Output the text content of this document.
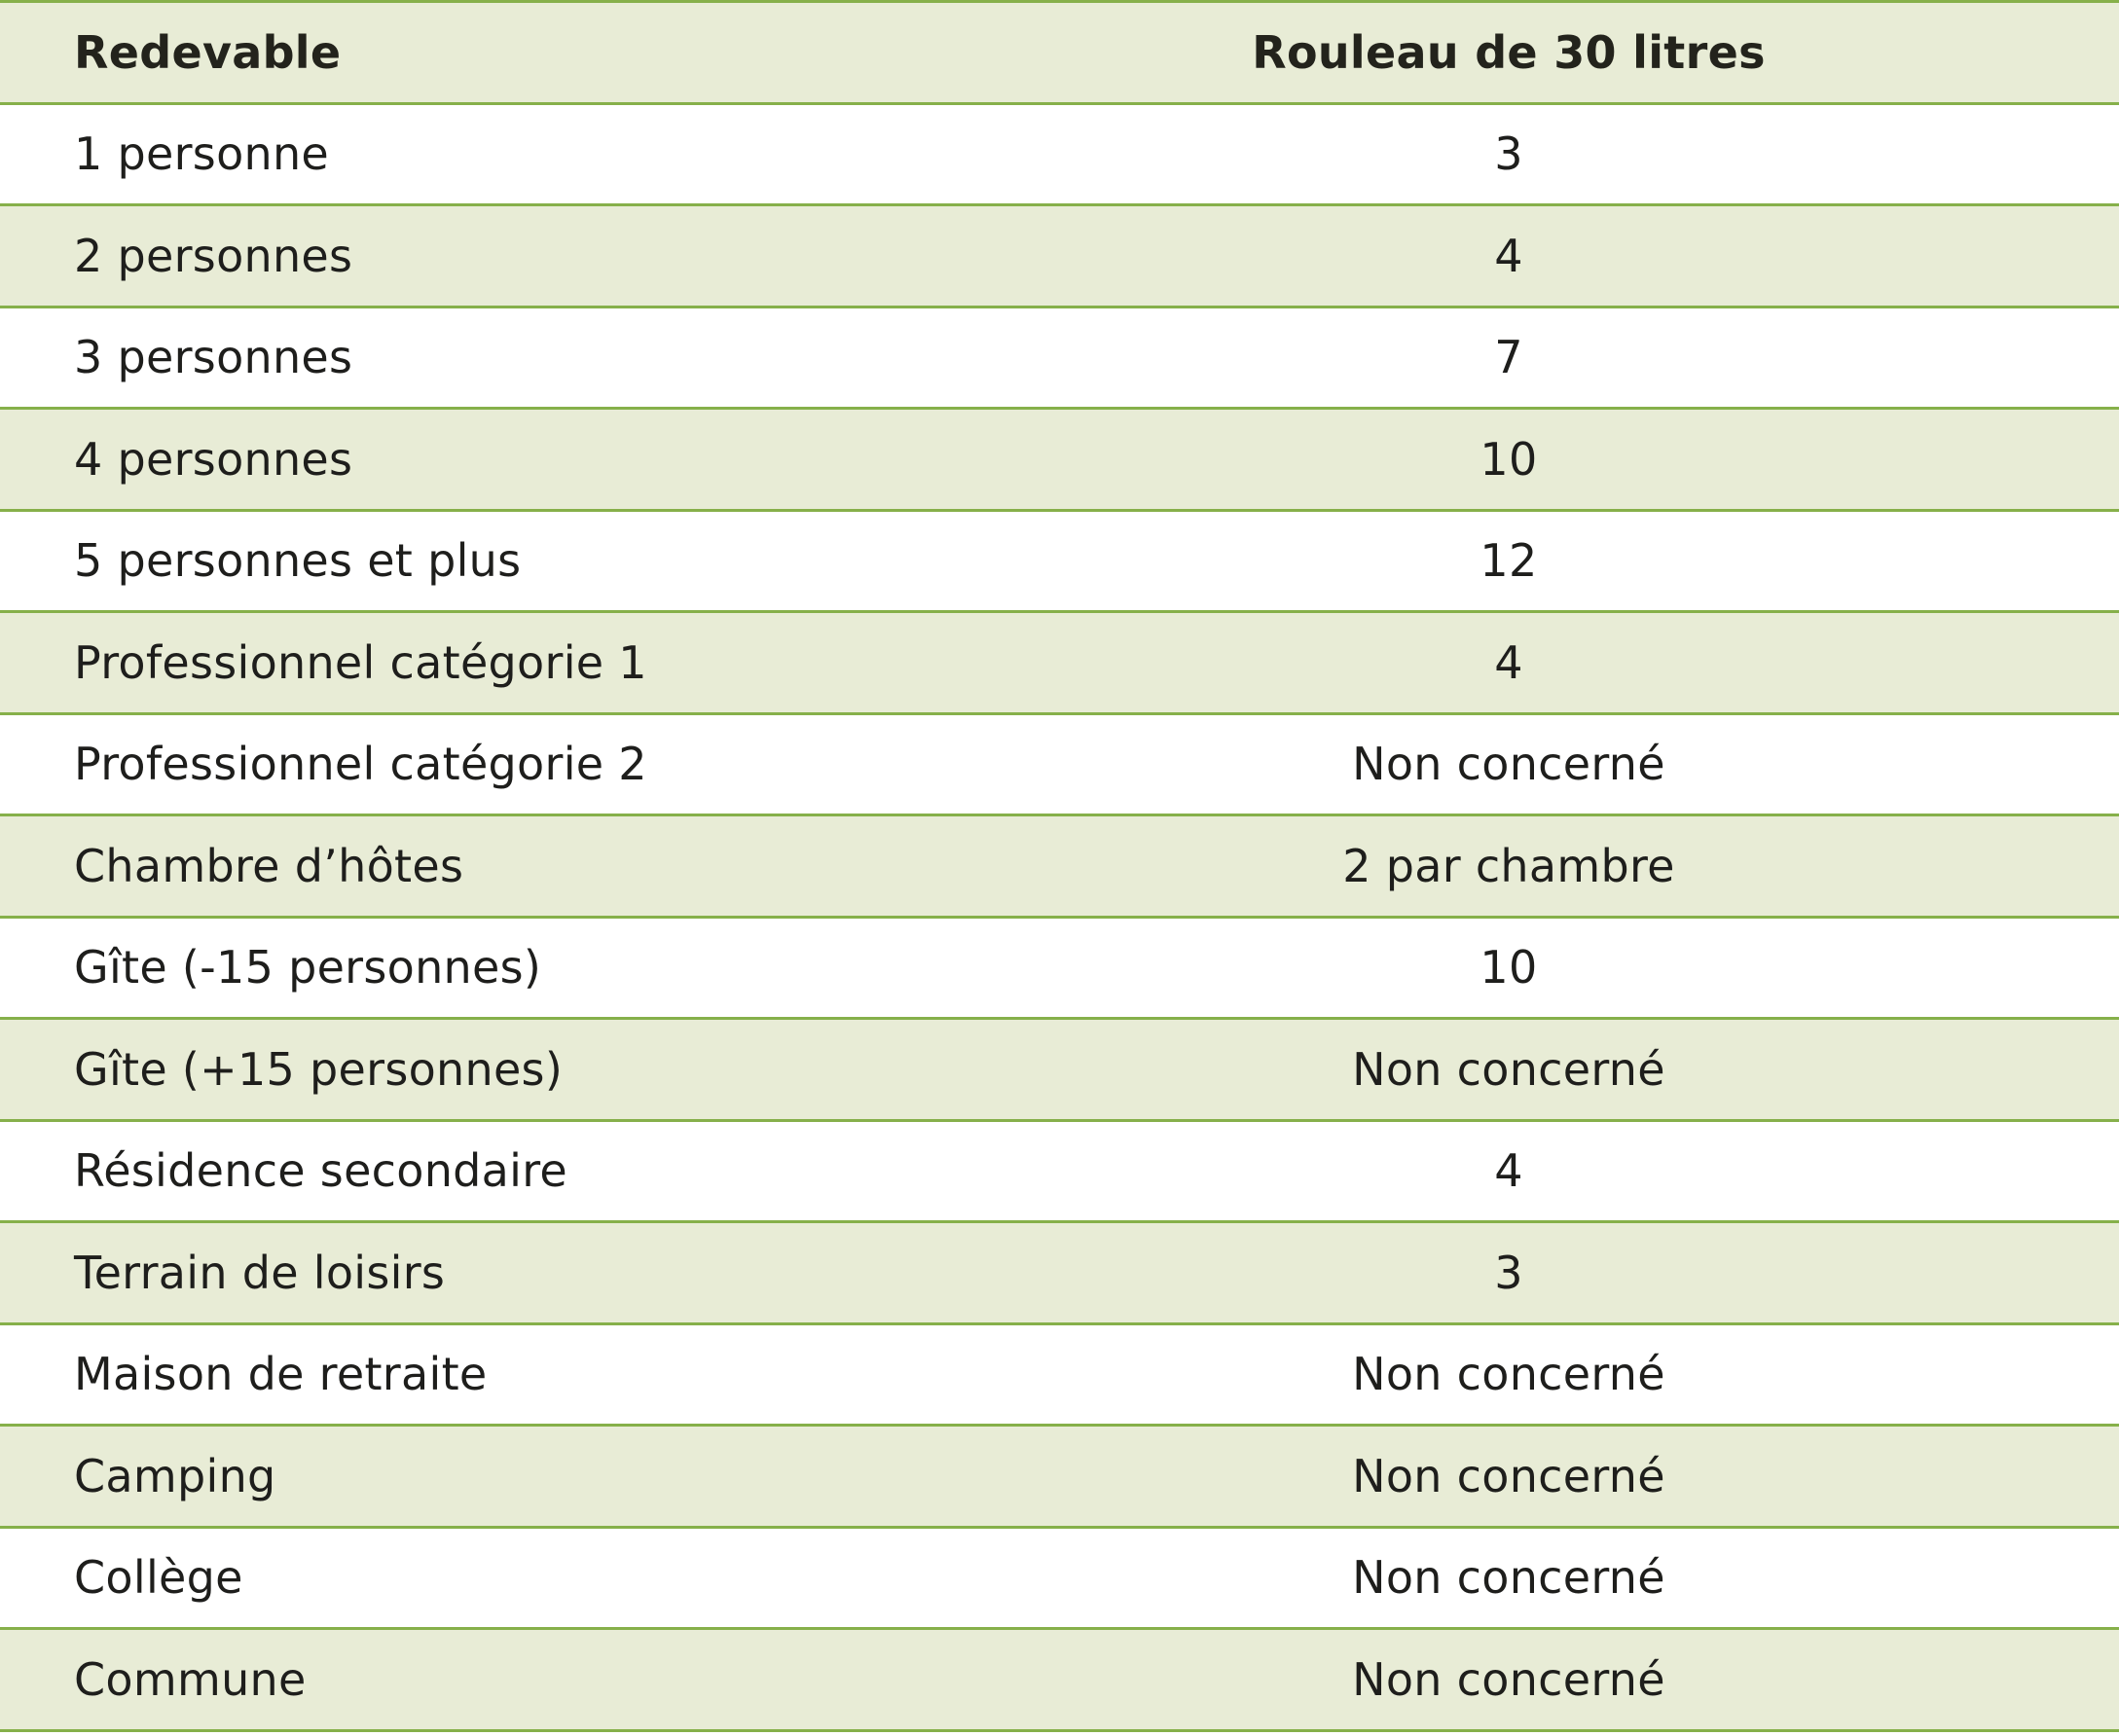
Redevable	Rouleau de 30 litres
1 personne	3
2 personnes	4
3 personnes	7
4 personnes	10
5 personnes et plus	12
Professionnel catégorie 1	4
Professionnel catégorie 2	Non concerné
Chambre d’hôtes	2 par chambre
Gîte (-15 personnes)	10
Gîte (+15 personnes)	Non concerné
Résidence secondaire	4
Terrain de loisirs	3
Maison de retraite	Non concerné
Camping	Non concerné
Collège	Non concerné
Commune	Non concerné
